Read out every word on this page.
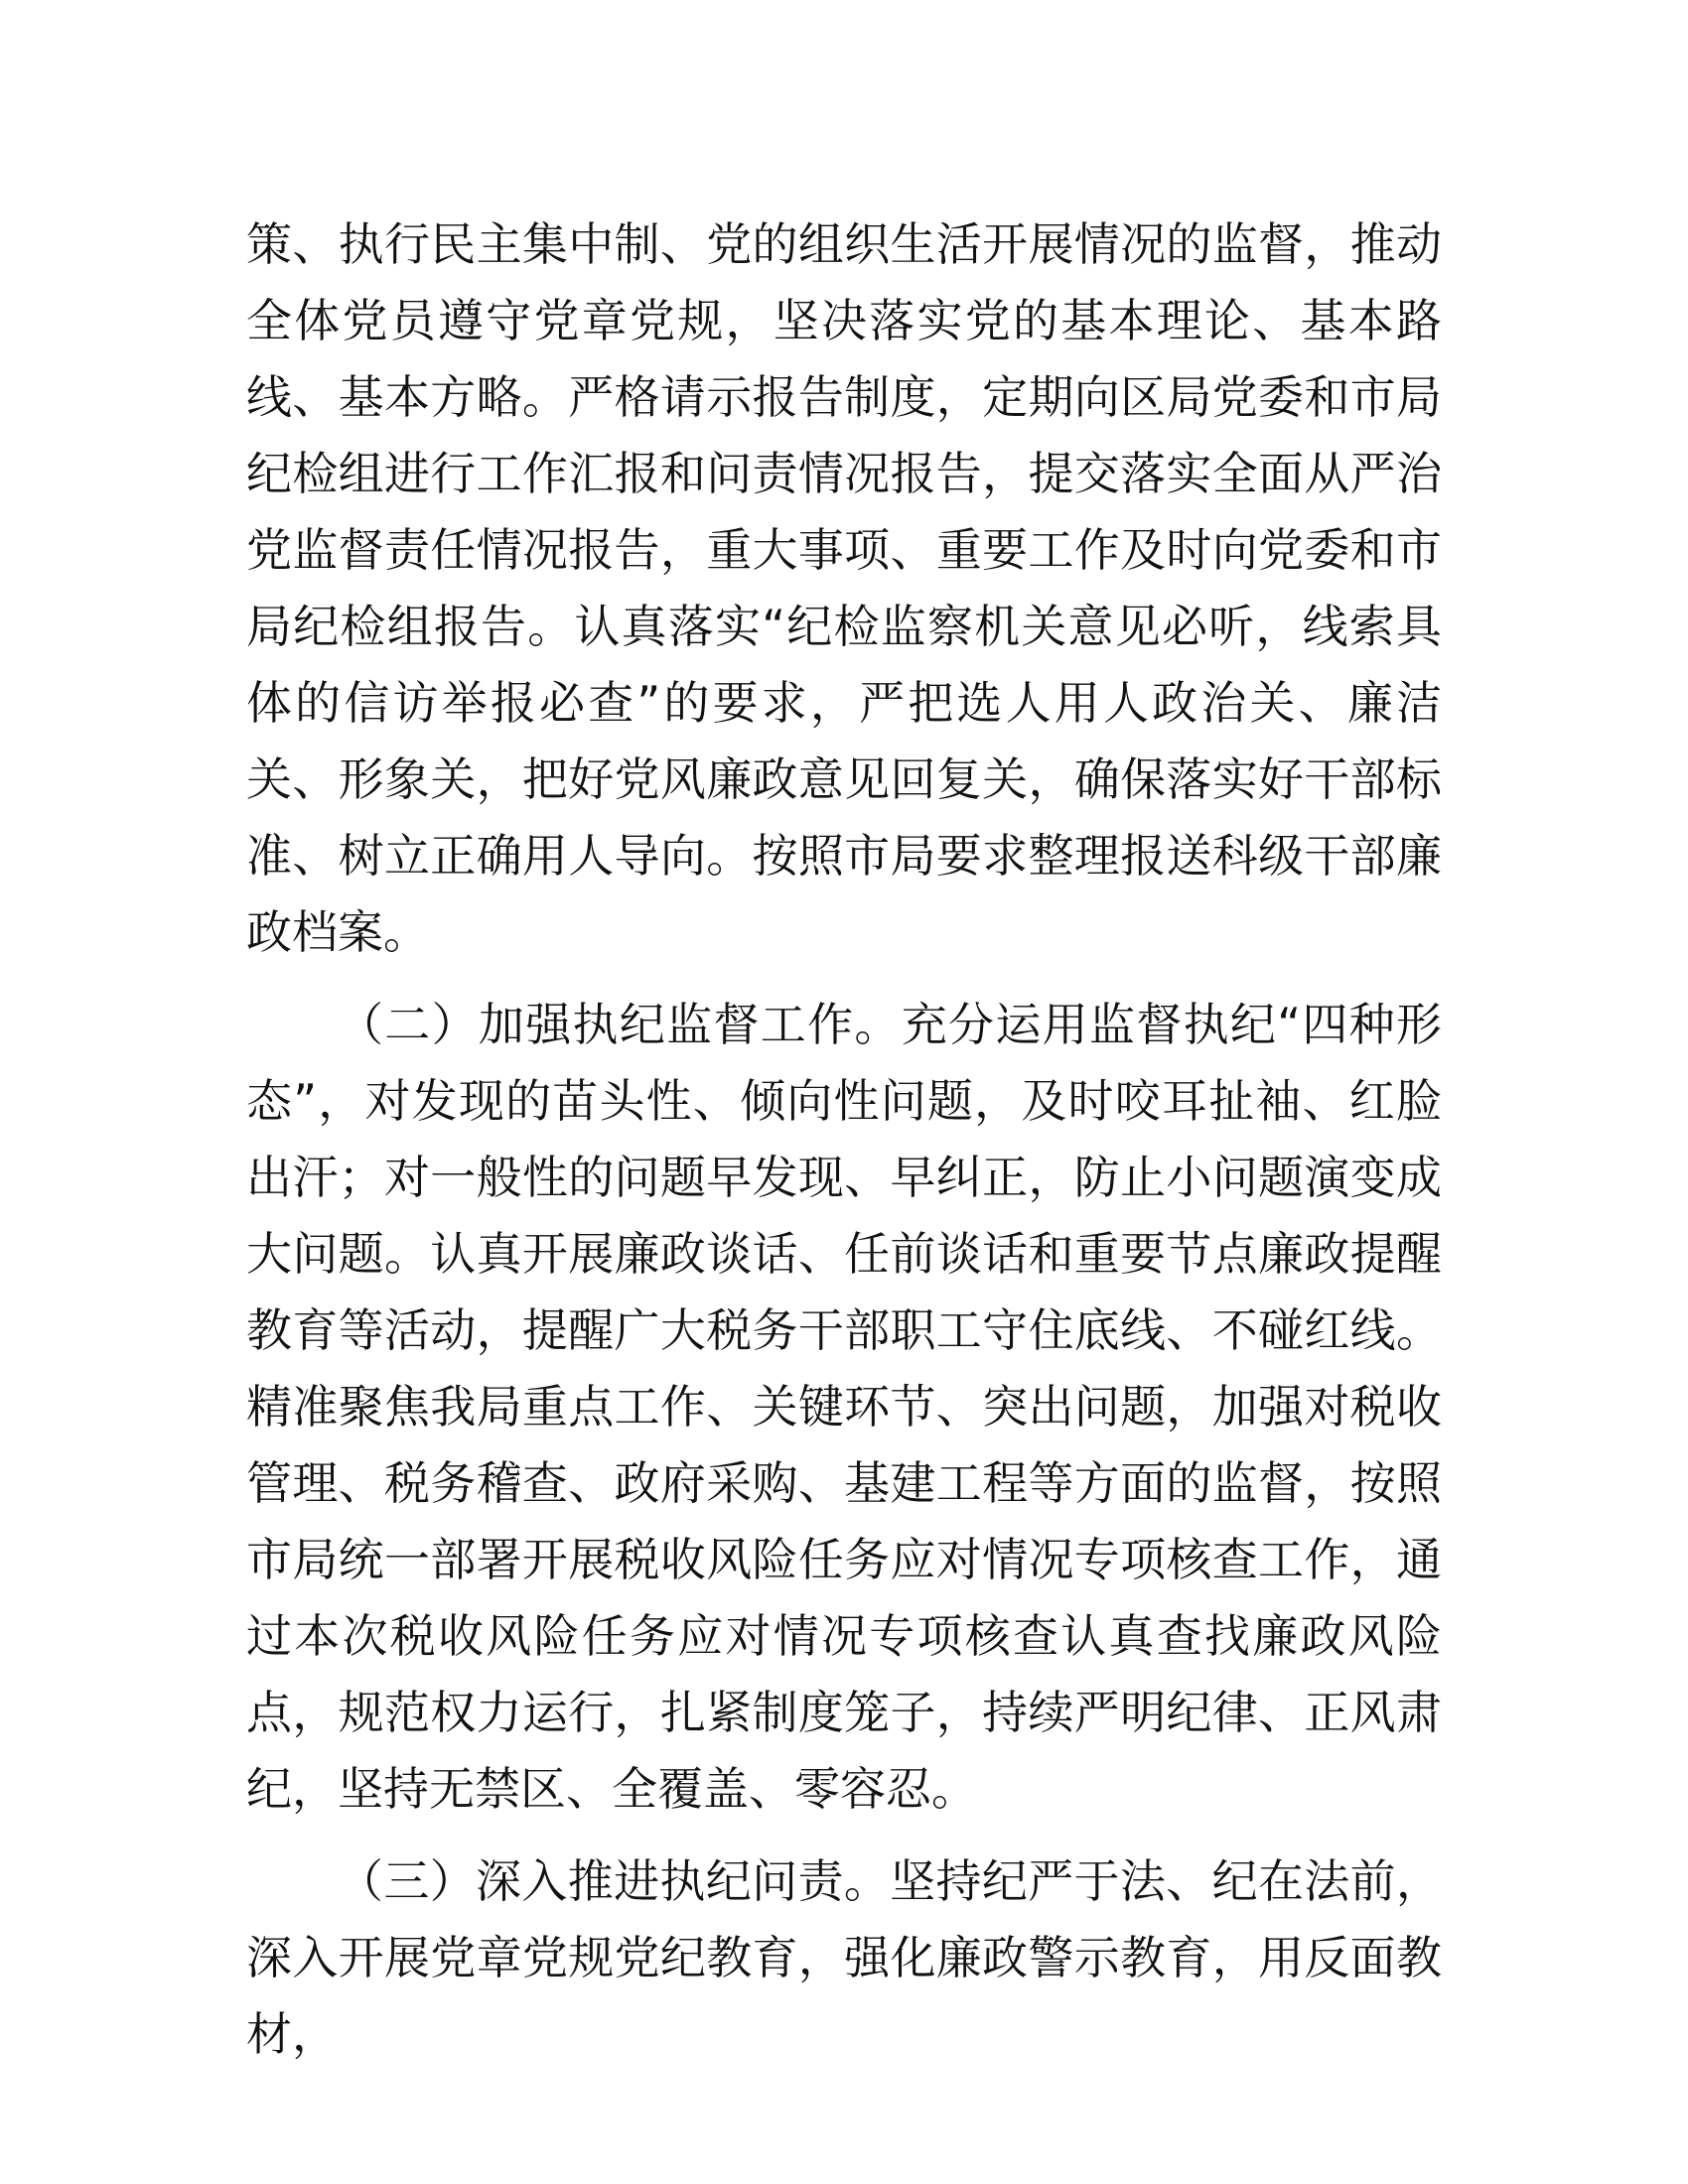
策、执行民主集中制、党的组织生活开展情况的监督，推动全体党员遵守党章党规，坚决落实党的基本理论、基本路线、基本方略。严格请示报告制度，定期向区局党委和市局纪检组进行工作汇报和问责情况报告，提交落实全面从严治党监督责任情况报告，重大事项、重要工作及时向党委和市局纪检组报告。认真落实“纪检监察机关意见必听，线索具体的信访举报必查”的要求，严把选人用人政治关、廉洁关、形象关，把好党风廉政意见回复关，确保落实好干部标准、树立正确用人导向。按照市局要求整理报送科级干部廉政档案。

（二）加强执纪监督工作。充分运用监督执纪“四种形态”，对发现的苗头性、倾向性问题，及时咬耳扯袖、红脸出汗；对一般性的问题早发现、早纠正，防止小问题演变成大问题。认真开展廉政谈话、任前谈话和重要节点廉政提醒教育等活动，提醒广大税务干部职工守住底线、不碰红线。精准聚焦我局重点工作、关键环节、突出问题，加强对税收管理、税务稽查、政府采购、基建工程等方面的监督，按照市局统一部署开展税收风险任务应对情况专项核查工作，通过本次税收风险任务应对情况专项核查认真查找廉政风险点，规范权力运行，扎紧制度笼子，持续严明纪律、正风肃纪，坚持无禁区、全覆盖、零容忍。

（三）深入推进执纪问责。坚持纪严于法、纪在法前，深入开展党章党规党纪教育，强化廉政警示教育，用反面教材，
